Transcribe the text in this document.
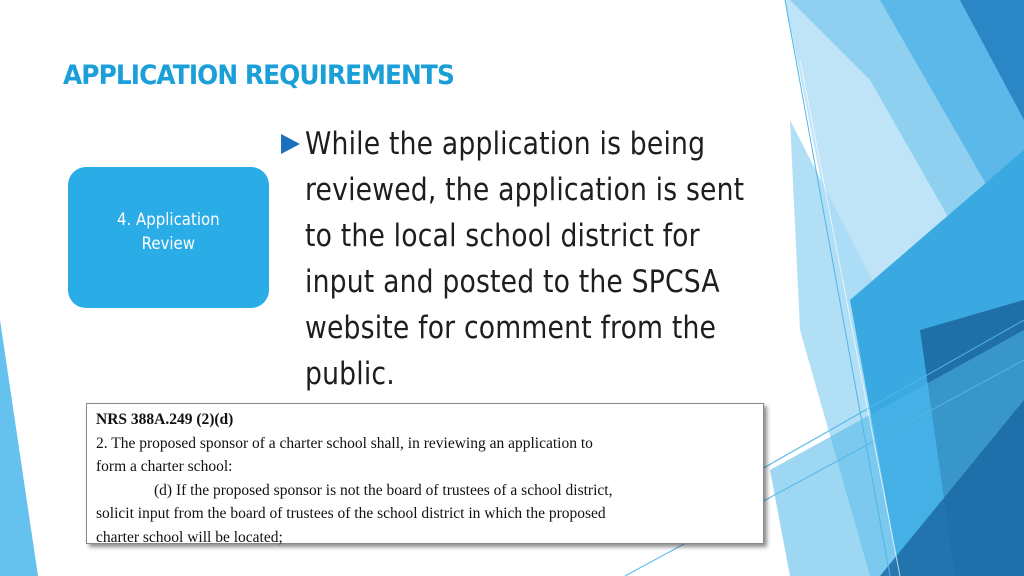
APPLICATION REQUIREMENTS
4. Application
Review
While the application is being
reviewed, the application is sent
to the local school district for
input and posted to the SPCSA
website for comment from the
public.
NRS 388A.249 (2)(d)
2. The proposed sponsor of a charter school shall, in reviewing an application to
form a charter school:
(d) If the proposed sponsor is not the board of trustees of a school district,
solicit input from the board of trustees of the school district in which the proposed
charter school will be located;
